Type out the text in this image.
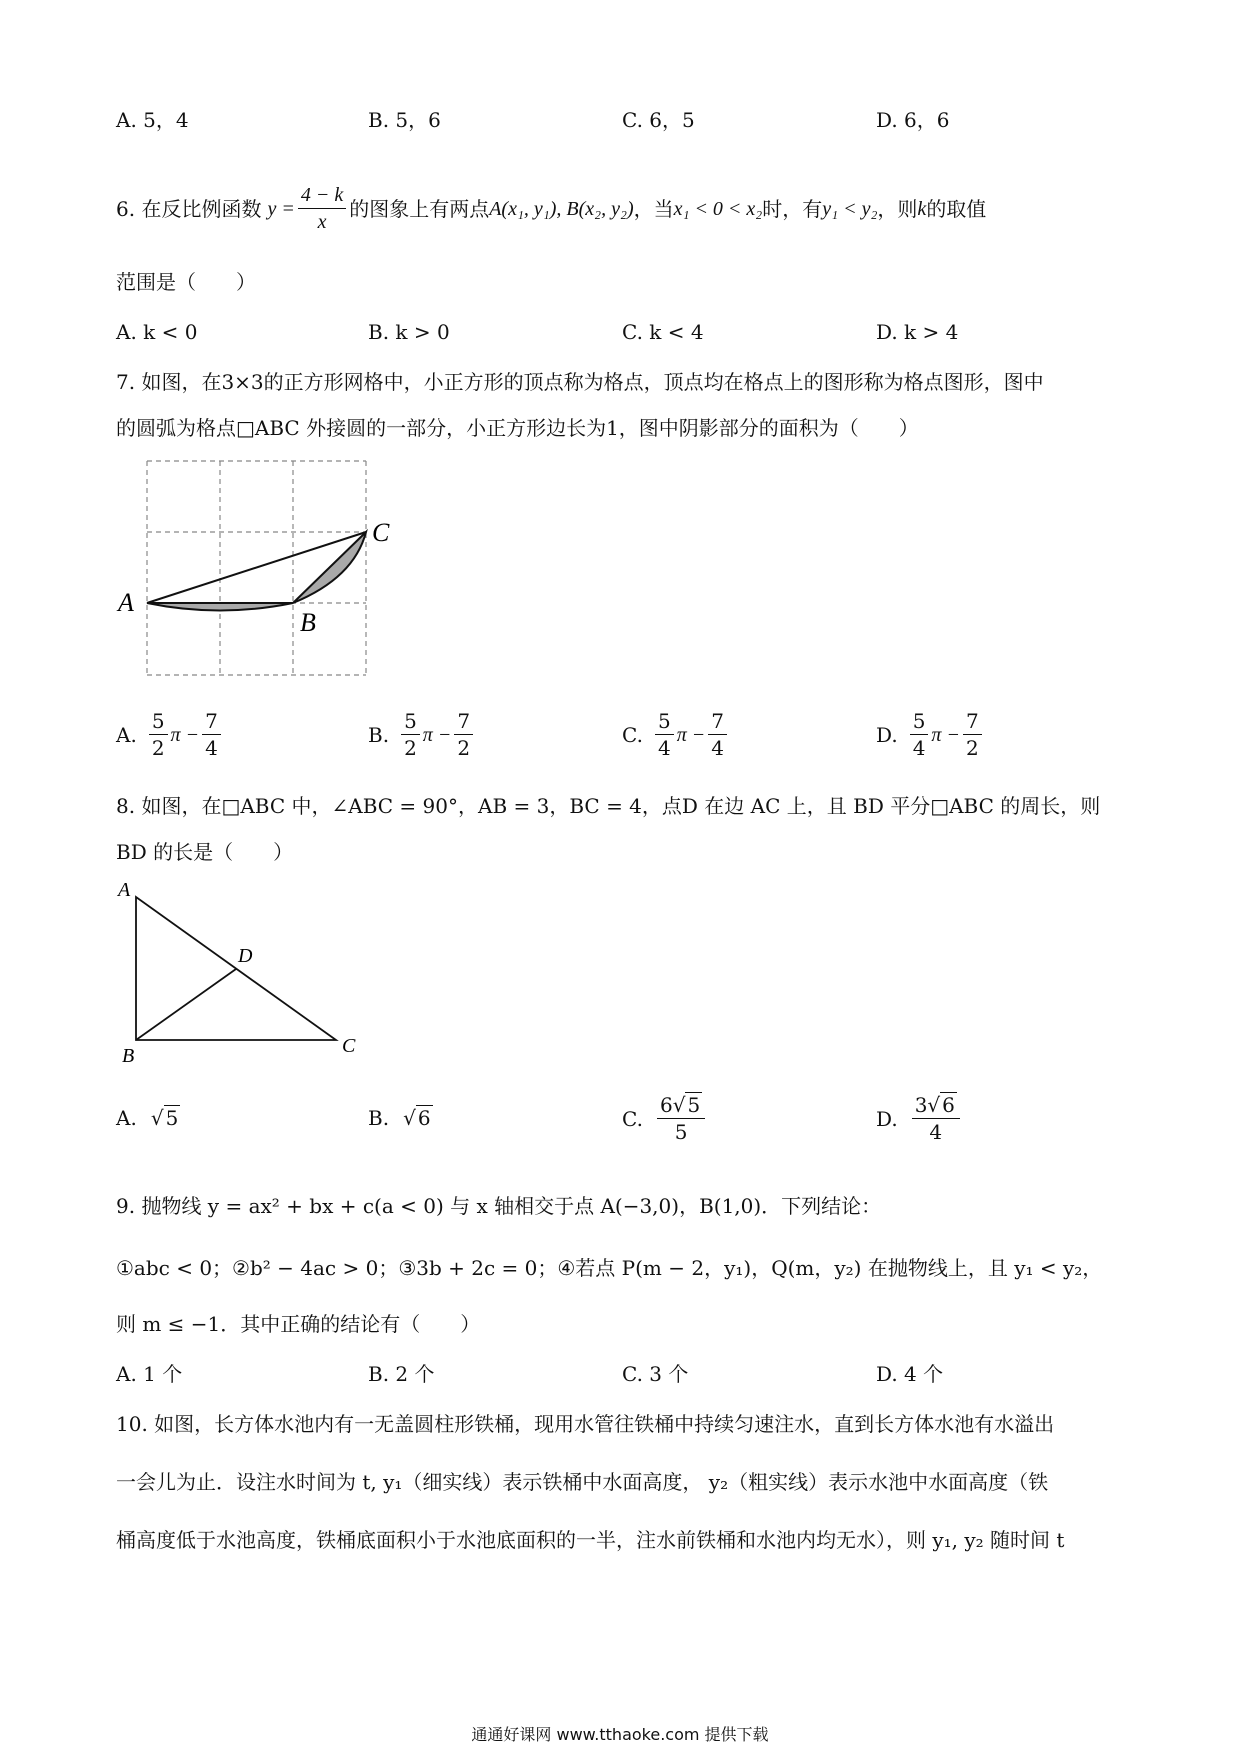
A. 5，4	B. 5，6	C. 6，5	D. 6，6
6. 在反比例函数 $y = \frac{4 - k}{x}$ 的图象上有两点 A(x₁, y₁), B(x₂, y₂) ，当 x₁ < 0 < x₂ 时，有 y₁ < y₂ ，则 k 的取值
范围是（　　）
A. k < 0	B. k > 0	C. k < 4	D. k > 4
7. 如图，在3×3的正方形网格中，小正方形的顶点称为格点，顶点均在格点上的图形称为格点图形，图中
的圆弧为格点□ABC 外接圆的一部分，小正方形边长为1，图中阴影部分的面积为（　　）
A
B
C
A. $\frac{5}{2}$ $\pi - \frac{7}{4}$	B. $\frac{5}{2}$ $\pi - \frac{7}{2}$	C. $\frac{5}{4}$ $\pi - \frac{7}{4}$	D. $\frac{5}{4}$ $\pi - \frac{7}{2}$
8. 如图，在□ABC 中，∠ABC = 90°，AB = 3，BC = 4，点D 在边 AC 上，且 BD 平分□ABC 的周长，则
BD 的长是（　　）
A
B	C
D
A. √ 5	B. √ 6	C. $\frac{6√ 5}{5}$	D. $\frac{3√ 6}{4}$
9. 抛物线 y = ax² + bx + c(a < 0) 与 x 轴相交于点 A(−3,0)，B(1,0)．下列结论：
①abc < 0；②b² − 4ac > 0；③3b + 2c = 0；④若点 P(m − 2，y₁)，Q(m，y₂) 在抛物线上，且 y₁ < y₂，
则 m ≤ −1．其中正确的结论有（　　）
A. 1 个	B. 2 个	C. 3 个	D. 4 个
10. 如图，长方体水池内有一无盖圆柱形铁桶，现用水管往铁桶中持续匀速注水，直到长方体水池有水溢出
一会儿为止．设注水时间为 t, y₁（细实线）表示铁桶中水面高度， y₂（粗实线）表示水池中水面高度（铁
桶高度低于水池高度，铁桶底面积小于水池底面积的一半，注水前铁桶和水池内均无水），则 y₁, y₂ 随时间 t
通通好课网 www.tthaoke.com 提供下载
